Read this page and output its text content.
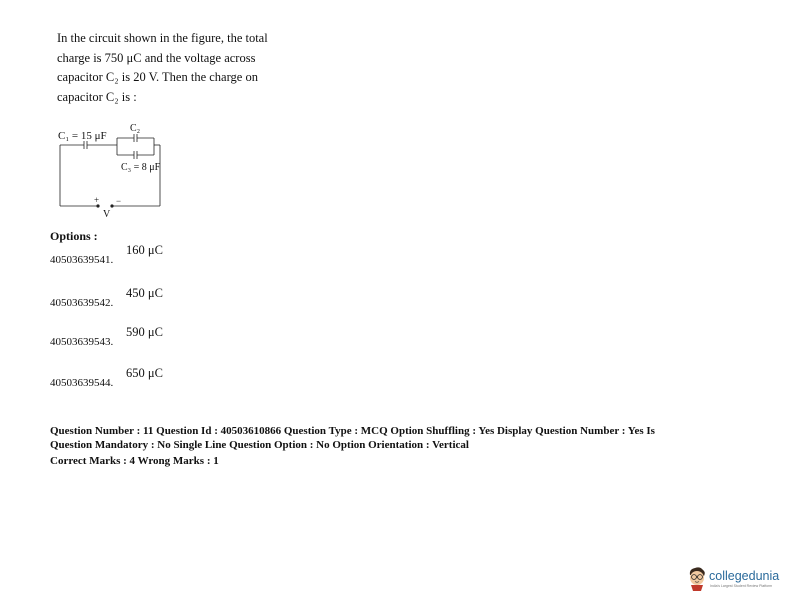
In the circuit shown in the figure, the total
charge is 750 μC and the voltage across
capacitor C₂ is 20 V. Then the charge on
capacitor C₂ is :
C₁ = 15 μF
C₂
C₃ = 8 μF
+ −
V
Options :
40503639541.
160 μC
40503639542.
450 μC
40503639543.
590 μC
40503639544.
650 μC
Question Number : 11 Question Id : 40503610866 Question Type : MCQ Option Shuffling : Yes Display Question Number : Yes Is
Question Mandatory : No Single Line Question Option : No Option Orientation : Vertical
Correct Marks : 4 Wrong Marks : 1
collegedunia
India's Largest Student Review Platform
